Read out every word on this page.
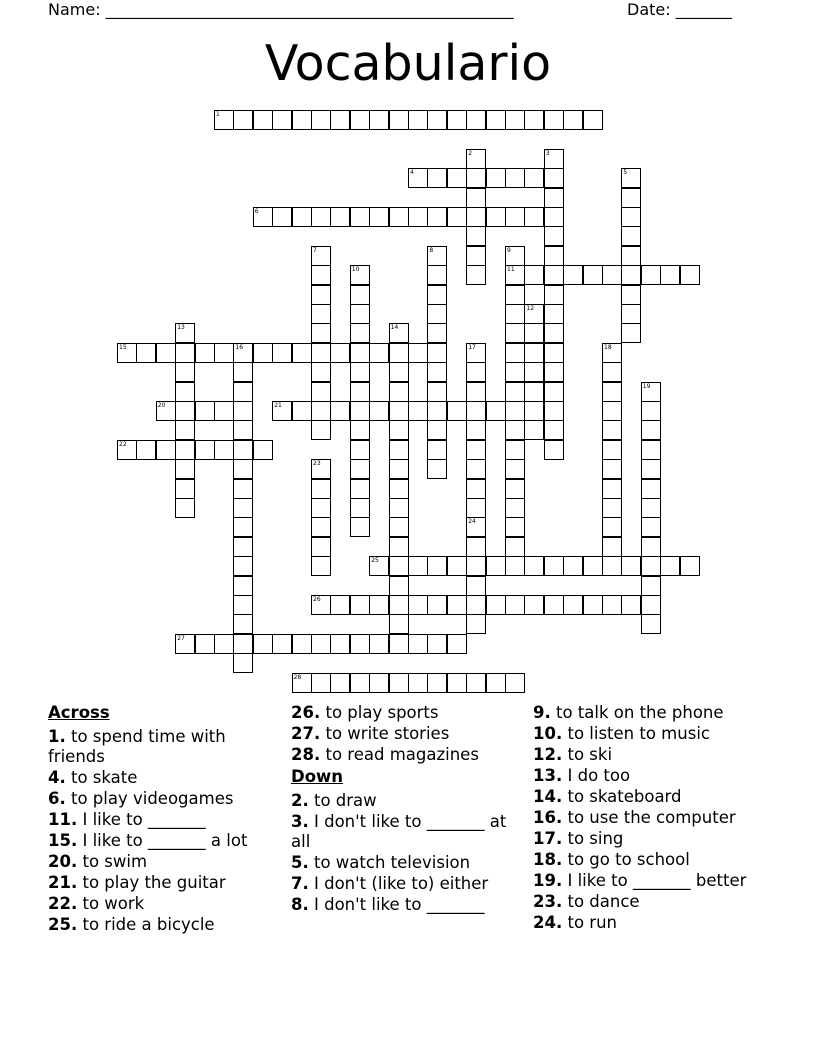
Name: ___________________________________________________	Date: _______
Vocabulario
1
2	3
4	5
6
7	8	9
11
10
12
13	14
15	16	17
24
18
19
20	21
22
23
25
26
27
28
Across
1. to spend time with friends
4. to skate
6. to play videogames
11. I like to _______
15. I like to _______ a lot
20. to swim
21. to play the guitar
22. to work
25. to ride a bicycle
26. to play sports
27. to write stories
28. to read magazines
Down
2. to draw
3. I don't like to _______ at all
5. to watch television
7. I don't (like to) either
8. I don't like to _______
9. to talk on the phone
10. to listen to music
12. to ski
13. I do too
14. to skateboard
16. to use the computer
17. to sing
18. to go to school
19. I like to _______ better
23. to dance
24. to run
